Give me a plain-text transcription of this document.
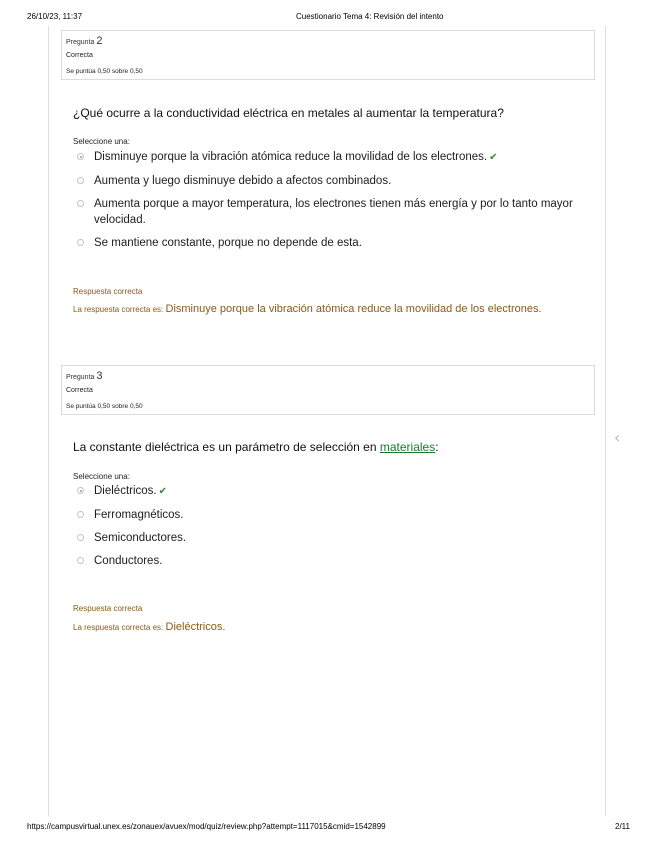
26/10/23, 11:37	Cuestionario Tema 4: Revisión del intento
‹
Pregunta 2
Correcta
Se puntúa 0,50 sobre 0,50
¿Qué ocurre a la conductividad eléctrica en metales al aumentar la temperatura?
Seleccione una:
Disminuye porque la vibración atómica reduce la movilidad de los electrones. ✔
Aumenta y luego disminuye debido a afectos combinados.
Aumenta porque a mayor temperatura, los electrones tienen más energía y por lo tanto mayor velocidad.
Se mantiene constante, porque no depende de esta.
Respuesta correcta
La respuesta correcta es: Disminuye porque la vibración atómica reduce la movilidad de los electrones.
Pregunta 3
Correcta
Se puntúa 0,50 sobre 0,50
La constante dieléctrica es un parámetro de selección en materiales:
Seleccione una:
Dieléctricos. ✔
Ferromagnéticos.
Semiconductores.
Conductores.
Respuesta correcta
La respuesta correcta es: Dieléctricos.
https://campusvirtual.unex.es/zonauex/avuex/mod/quiz/review.php?attempt=1117015&cmid=1542899	2/11
